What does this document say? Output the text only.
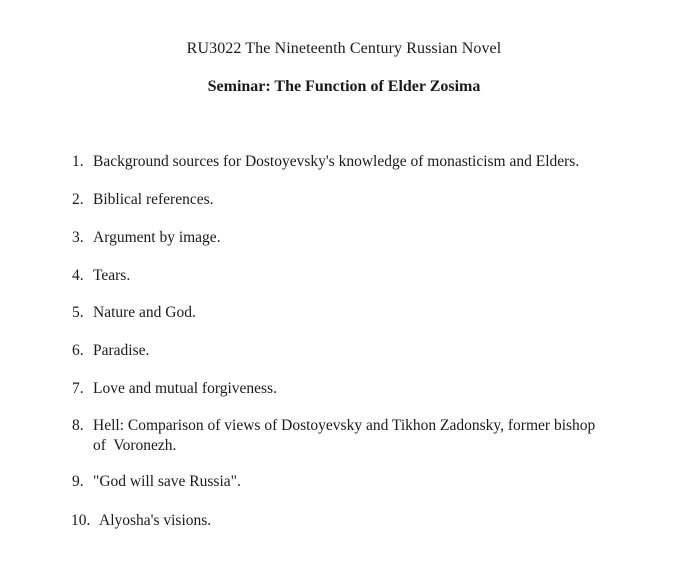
RU3022 The Nineteenth Century Russian Novel
Seminar: The Function of Elder Zosima
1. Background sources for Dostoyevsky's knowledge of monasticism and Elders.
2. Biblical references.
3. Argument by image.
4. Tears.
5. Nature and God.
6. Paradise.
7. Love and mutual forgiveness.
8. Hell: Comparison of views of Dostoyevsky and Tikhon Zadonsky, former bishop
of  Voronezh.
9. "God will save Russia".
10. Alyosha's visions.
